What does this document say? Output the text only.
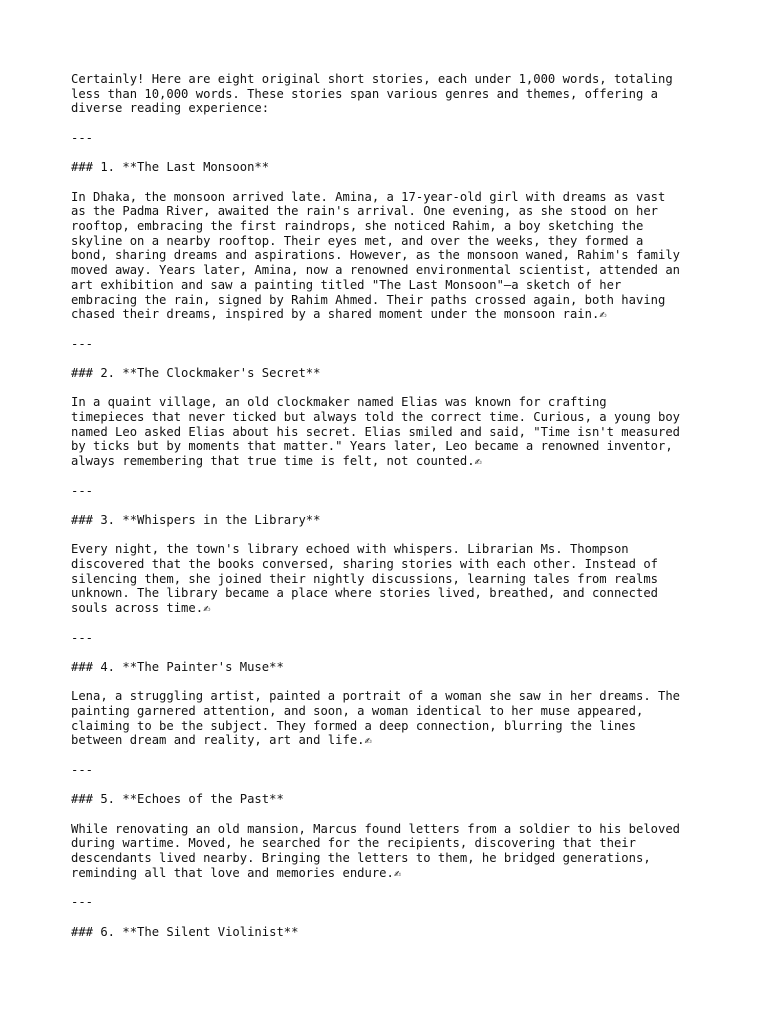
Certainly! Here are eight original short stories, each under 1,000 words, totaling
less than 10,000 words. These stories span various genres and themes, offering a
diverse reading experience:

---

### 1. **The Last Monsoon**

In Dhaka, the monsoon arrived late. Amina, a 17-year-old girl with dreams as vast
as the Padma River, awaited the rain's arrival. One evening, as she stood on her
rooftop, embracing the first raindrops, she noticed Rahim, a boy sketching the
skyline on a nearby rooftop. Their eyes met, and over the weeks, they formed a
bond, sharing dreams and aspirations. However, as the monsoon waned, Rahim's family
moved away. Years later, Amina, now a renowned environmental scientist, attended an
art exhibition and saw a painting titled "The Last Monsoon"—a sketch of her
embracing the rain, signed by Rahim Ahmed. Their paths crossed again, both having
chased their dreams, inspired by a shared moment under the monsoon rain.✍

---

### 2. **The Clockmaker's Secret**

In a quaint village, an old clockmaker named Elias was known for crafting
timepieces that never ticked but always told the correct time. Curious, a young boy
named Leo asked Elias about his secret. Elias smiled and said, "Time isn't measured
by ticks but by moments that matter." Years later, Leo became a renowned inventor,
always remembering that true time is felt, not counted.✍

---

### 3. **Whispers in the Library**

Every night, the town's library echoed with whispers. Librarian Ms. Thompson
discovered that the books conversed, sharing stories with each other. Instead of
silencing them, she joined their nightly discussions, learning tales from realms
unknown. The library became a place where stories lived, breathed, and connected
souls across time.✍

---

### 4. **The Painter's Muse**

Lena, a struggling artist, painted a portrait of a woman she saw in her dreams. The
painting garnered attention, and soon, a woman identical to her muse appeared,
claiming to be the subject. They formed a deep connection, blurring the lines
between dream and reality, art and life.✍

---

### 5. **Echoes of the Past**

While renovating an old mansion, Marcus found letters from a soldier to his beloved
during wartime. Moved, he searched for the recipients, discovering that their
descendants lived nearby. Bringing the letters to them, he bridged generations,
reminding all that love and memories endure.✍

---

### 6. **The Silent Violinist**
